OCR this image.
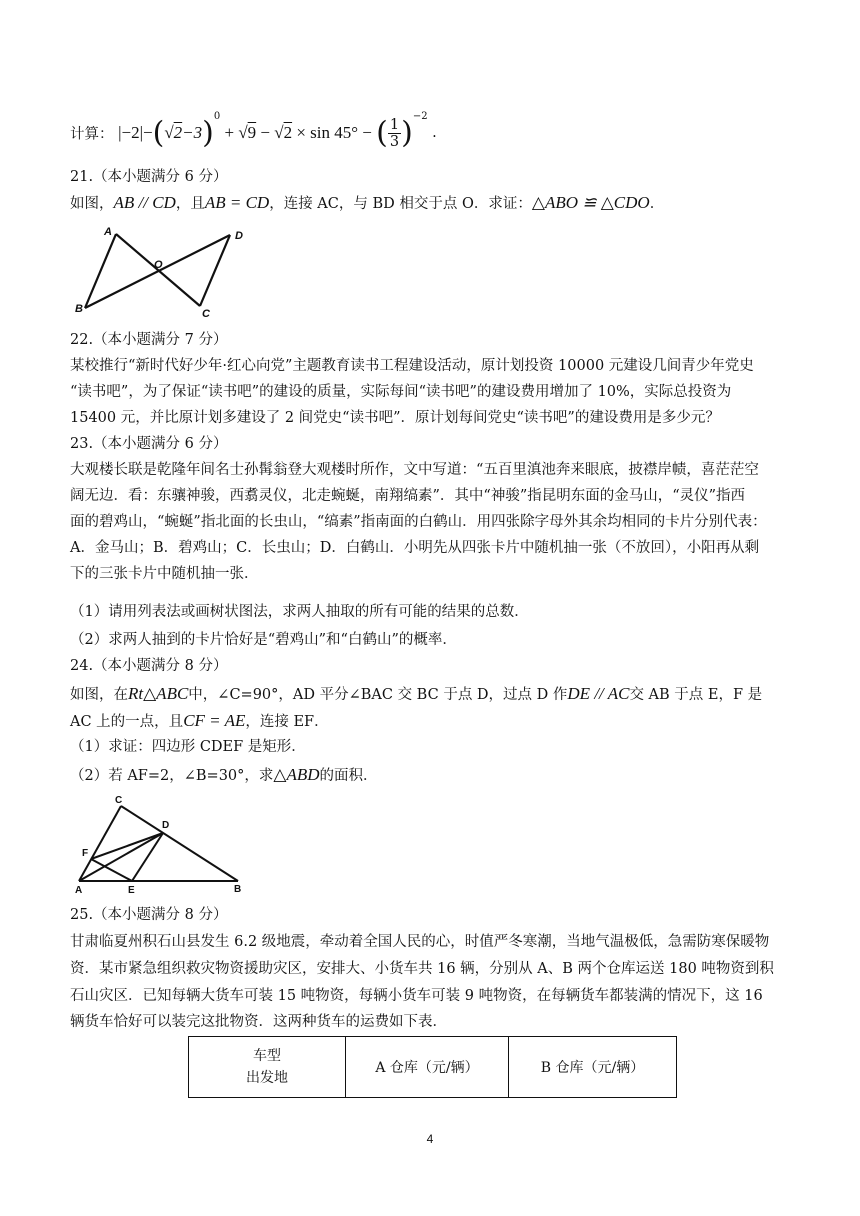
计算： $|-2|-(√2-3)^0 + √9 - √2 \times \sin 45^\circ$ − ( $\frac{1}{3} )^{-2}$ .
21.（本小题满分 6 分）
如图，AB // CD，且AB = CD，连接 AC，与 BD 相交于点 O．求证：△ABO ≌ △CDO．
A	D
O
B	C
22.（本小题满分 7 分）
某校推行“新时代好少年·红心向党”主题教育读书工程建设活动，原计划投资 10000 元建设几间青少年党史
“读书吧”，为了保证“读书吧”的建设的质量，实际每间“读书吧”的建设费用增加了 10%，实际总投资为
15400 元，并比原计划多建设了 2 间党史“读书吧”．原计划每间党史“读书吧”的建设费用是多少元？
23.（本小题满分 6 分）
大观楼长联是乾隆年间名士孙髯翁登大观楼时所作，文中写道：“五百里滇池奔来眼底，披襟岸帻，喜茫茫空
阔无边．看：东骧神骏，西翥灵仪，北走蜿蜒，南翔缟素”．其中“神骏”指昆明东面的金马山，“灵仪”指西
面的碧鸡山，“蜿蜒”指北面的长虫山，“缟素”指南面的白鹤山．用四张除字母外其余均相同的卡片分别代表：
A．金马山；B．碧鸡山；C．长虫山；D．白鹤山．小明先从四张卡片中随机抽一张（不放回），小阳再从剩
下的三张卡片中随机抽一张．
（1）请用列表法或画树状图法，求两人抽取的所有可能的结果的总数．
（2）求两人抽到的卡片恰好是“碧鸡山”和“白鹤山”的概率．
24.（本小题满分 8 分）
如图，在Rt△ABC中，∠C=90°，AD 平分∠BAC 交 BC 于点 D，过点 D 作DE // AC交 AB 于点 E，F 是
AC 上的一点，且CF = AE，连接 EF．
（1）求证：四边形 CDEF 是矩形．
（2）若 AF=2，∠B=30°，求△ABD的面积．
C
D
F
A	E	B
25.（本小题满分 8 分）
甘肃临夏州积石山县发生 6.2 级地震，牵动着全国人民的心，时值严冬寒潮，当地气温极低，急需防寒保暖物
资．某市紧急组织救灾物资援助灾区，安排大、小货车共 16 辆，分别从 A、B 两个仓库运送 180 吨物资到积
石山灾区．已知每辆大货车可装 15 吨物资，每辆小货车可装 9 吨物资，在每辆货车都装满的情况下，这 16
辆货车恰好可以装完这批物资．这两种货车的运费如下表．
车型
出发地
	A 仓库（元/辆）	B 仓库（元/辆）
4
